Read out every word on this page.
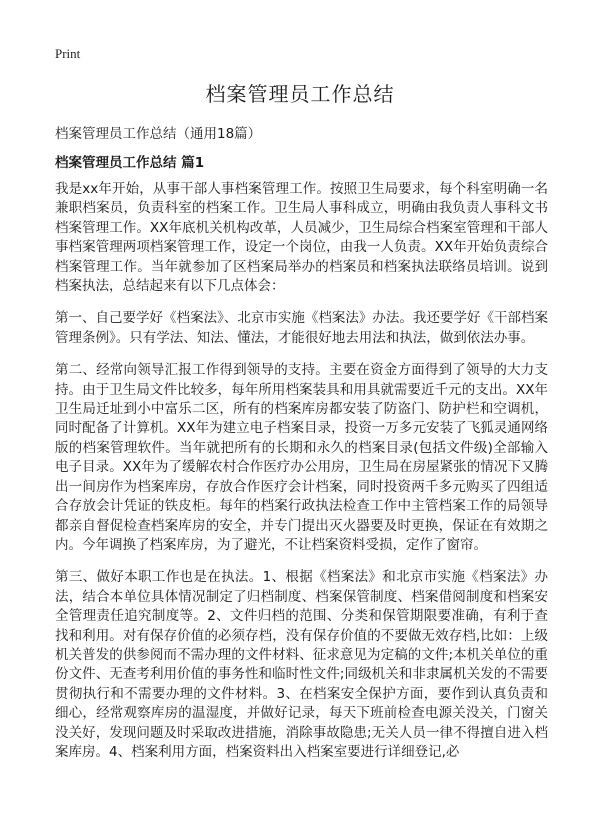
Print
档案管理员工作总结

档案管理员工作总结（通用18篇）

档案管理员工作总结 篇1

我是xx年开始，从事干部人事档案管理工作。按照卫生局要求，每个科室明确一名兼职档案员，负责科室的档案工作。卫生局人事科成立，明确由我负责人事科文书档案管理工作。XX年底机关机构改革，人员减少，卫生局综合档案室管理和干部人事档案管理两项档案管理工作，设定一个岗位，由我一人负责。XX年开始负责综合档案管理工作。当年就参加了区档案局举办的档案员和档案执法联络员培训。说到档案执法，总结起来有以下几点体会：

第一、自己要学好《档案法》、北京市实施《档案法》办法。我还要学好《干部档案管理条例》。只有学法、知法、懂法，才能很好地去用法和执法，做到依法办事。

第二、经常向领导汇报工作得到领导的支持。主要在资金方面得到了领导的大力支持。由于卫生局文件比较多，每年所用档案装具和用具就需要近千元的支出。XX年卫生局迁址到小中富乐二区，所有的档案库房都安装了防盗门、防护栏和空调机，同时配备了计算机。XX年为建立电子档案目录，投资一万多元安装了飞狐灵通网络版的档案管理软件。当年就把所有的长期和永久的档案目录(包括文件级)全部输入电子目录。XX年为了缓解农村合作医疗办公用房，卫生局在房屋紧张的情况下又腾出一间房作为档案库房，存放合作医疗会计档案，同时投资两千多元购买了四组适合存放会计凭证的铁皮柜。每年的档案行政执法检查工作中主管档案工作的局领导都亲自督促检查档案库房的安全，并专门提出灭火器要及时更换，保证在有效期之内。今年调换了档案库房，为了避光，不让档案资料受损，定作了窗帘。

第三、做好本职工作也是在执法。1、根据《档案法》和北京市实施《档案法》办法，结合本单位具体情况制定了归档制度、档案保管制度、档案借阅制度和档案安全管理责任追究制度等。2、文件归档的范围、分类和保管期限要准确，有利于查找和利用。对有保存价值的必须存档，没有保存价值的不要做无效存档,比如：上级机关普发的供参阅而不需办理的文件材料、征求意见为定稿的文件;本机关单位的重份文件、无查考利用价值的事务性和临时性文件;同级机关和非隶属机关发的不需要贯彻执行和不需要办理的文件材料。3、在档案安全保护方面，要作到认真负责和细心，经常观察库房的温湿度，并做好记录，每天下班前检查电源关没关，门窗关没关好，发现问题及时采取改进措施，消除事故隐患;无关人员一律不得擅自进入档案库房。4、档案利用方面，档案资料出入档案室要进行详细登记,必
